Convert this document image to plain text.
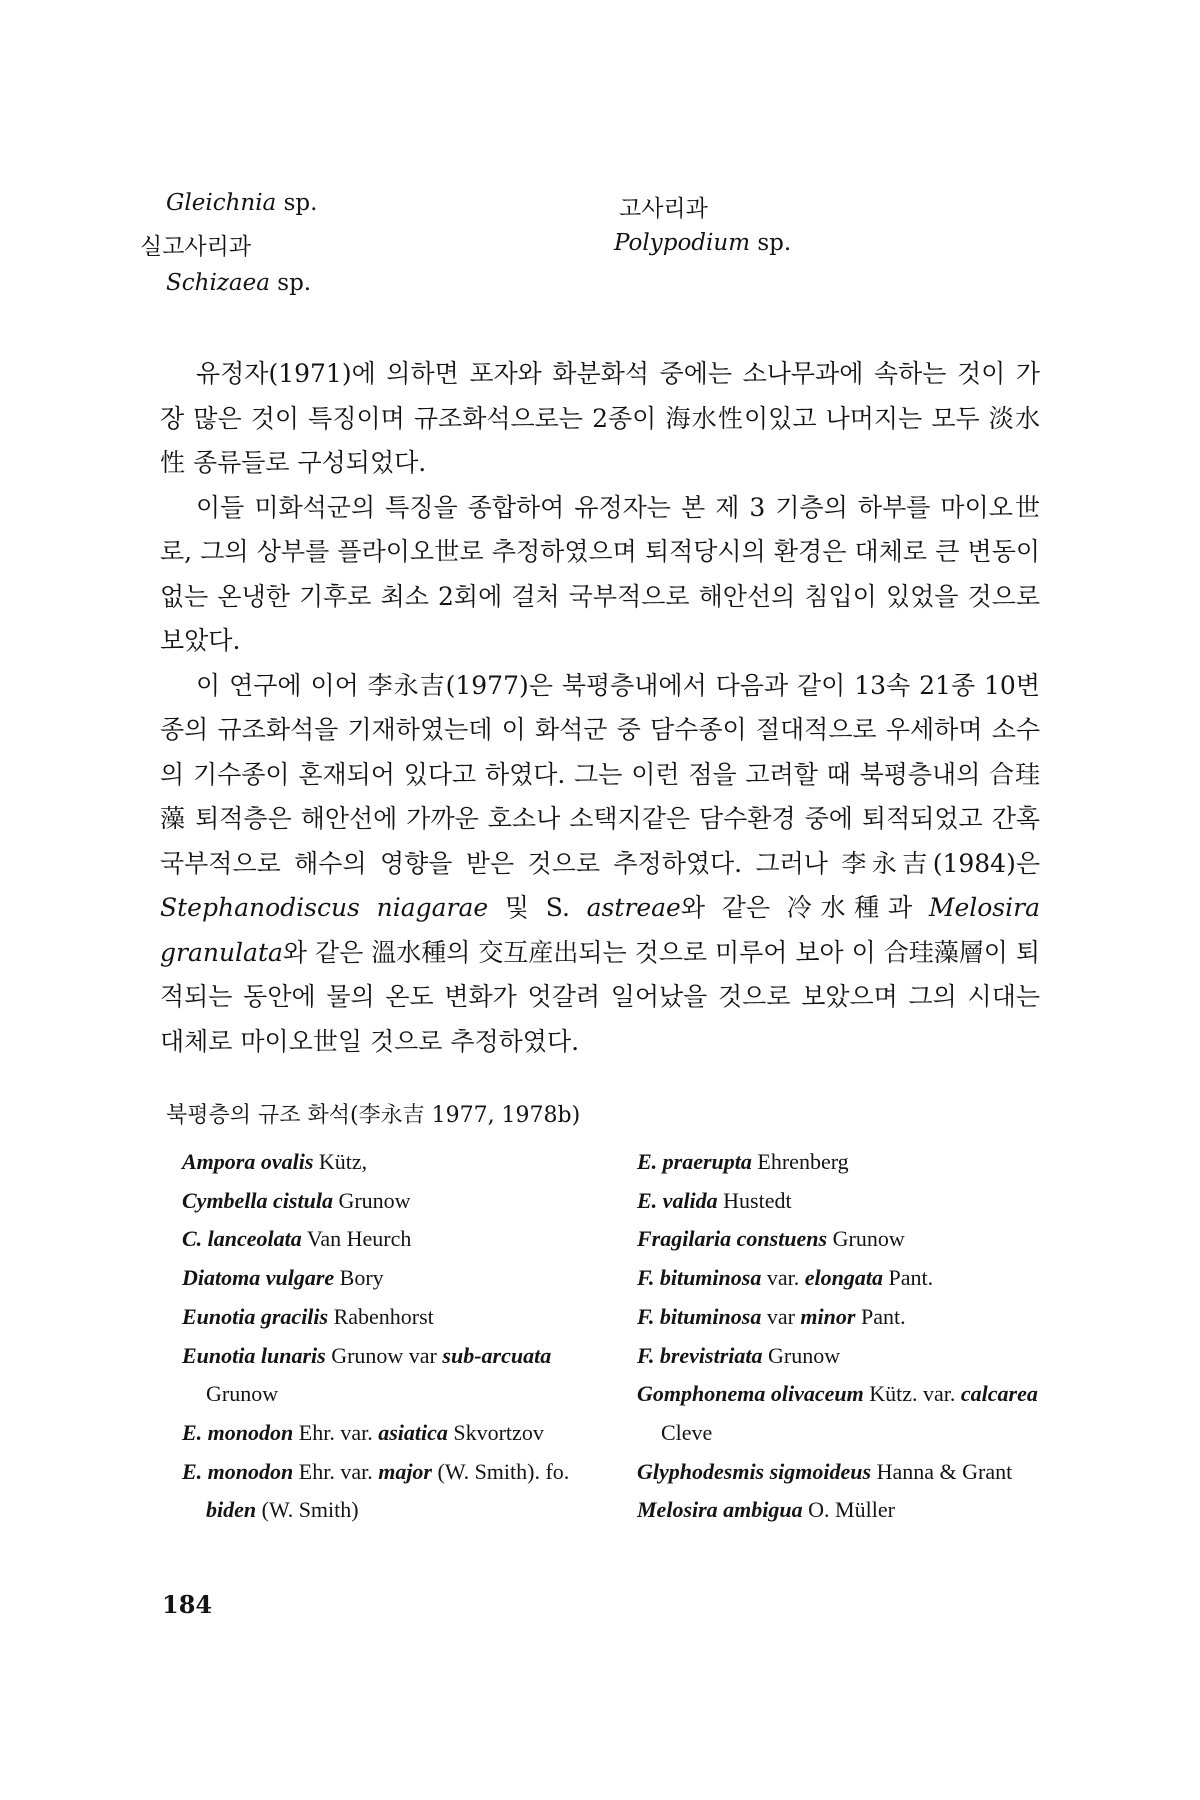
Gleichnia sp.	고사리과
실고사리과	Polypodium sp.
Schizaea sp.

유정자(1971)에 의하면 포자와 화분화석 중에는 소나무과에 속하는 것이 가장 많은 것이 특징이며 규조화석으로는 2종이 海水性이있고 나머지는 모두 淡水性 종류들로 구성되었다.

이들 미화석군의 특징을 종합하여 유정자는 본 제 3 기층의 하부를 마이오世로, 그의 상부를 플라이오世로 추정하였으며 퇴적당시의 환경은 대체로 큰 변동이 없는 온냉한 기후로 최소 2회에 걸처 국부적으로 해안선의 침입이 있었을 것으로 보았다.

이 연구에 이어 李永吉(1977)은 북평층내에서 다음과 같이 13속 21종 10변종의 규조화석을 기재하였는데 이 화석군 중 담수종이 절대적으로 우세하며 소수의 기수종이 혼재되어 있다고 하였다. 그는 이런 점을 고려할 때 북평층내의 合珪藻 퇴적층은 해안선에 가까운 호소나 소택지같은 담수환경 중에 퇴적되었고 간혹 국부적으로 해수의 영향을 받은 것으로 추정하였다. 그러나 李永吉(1984)은 Stephanodiscus niagarae 및 S. astreae와 같은 冷水種과 Melosira granulata와 같은 溫水種의 交互産出되는 것으로 미루어 보아 이 合珪藻層이 퇴적되는 동안에 물의 온도 변화가 엇갈려 일어났을 것으로 보았으며 그의 시대는 대체로 마이오世일 것으로 추정하였다.

북평층의 규조 화석(李永吉 1977, 1978b)
Ampora ovalis Kütz,
Cymbella cistula Grunow
C. lanceolata Van Heurch
Diatoma vulgare Bory
Eunotia gracilis Rabenhorst
Eunotia lunaris Grunow var sub-arcuata Grunow
E. monodon Ehr. var. asiatica Skvortzov
E. monodon Ehr. var. major (W. Smith). fo. biden (W. Smith)
E. praerupta Ehrenberg
E. valida Hustedt
Fragilaria constuens Grunow
F. bituminosa var. elongata Pant.
F. bituminosa var minor Pant.
F. brevistriata Grunow
Gomphonema olivaceum Kütz. var. calcarea Cleve
Glyphodesmis sigmoideus Hanna & Grant
Melosira ambigua O. Müller
184
